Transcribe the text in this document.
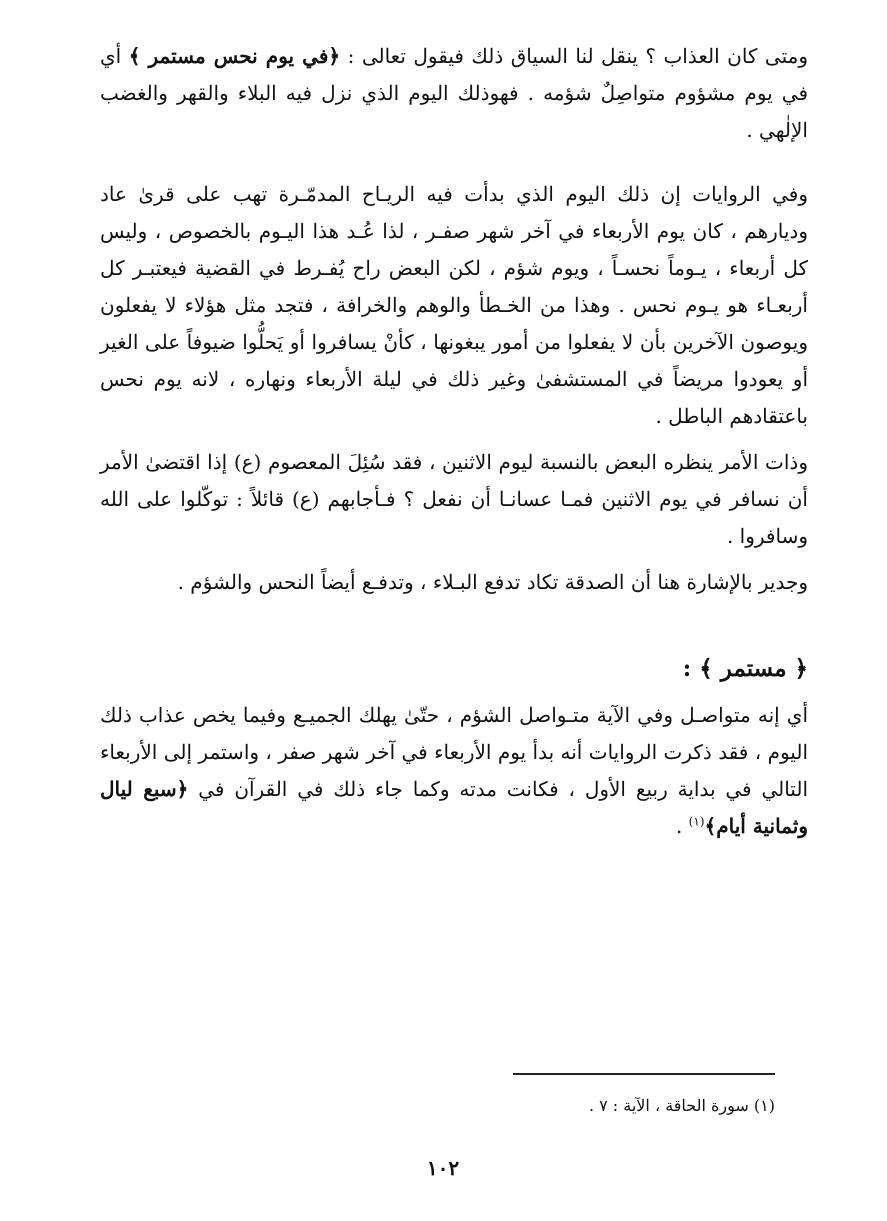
ومتى كان العذاب ؟ ينقل لنا السياق ذلك فيقول تعالى : ﴿في يوم نحس مستمر ﴾ أي في يوم مشؤوم متواصِلٌ شؤمه . فهوذلك اليوم الذي نزل فيه البلاء والقهر والغضب الإلٰهي .

وفي الروايات إن ذلك اليوم الذي بدأت فيه الريـاح المدمّـرة تهب على قرىٰ عاد وديارهم ، كان يوم الأربعاء في آخر شهر صفـر ، لذا عُـد هذا اليـوم بالخصوص ، وليس كل أربعاء ، يـوماً نحسـاً ، ويوم شؤم ، لكن البعض راح يُفـرط في القضية فيعتبـر كل أربعـاء هو يـوم نحس . وهذا من الخـطأ والوهم والخرافة ، فتجد مثل هؤلاء لا يفعلون ويوصون الآخرين بأن لا يفعلوا من أمور يبغونها ، كأنْ يسافروا أو يَحلُّوا ضيوفاً على الغير أو يعودوا مريضاً في المستشفىٰ وغير ذلك في ليلة الأربعاء ونهاره ، لانه يوم نحس باعتقادهم الباطل .

وذات الأمر ينظره البعض بالنسبة ليوم الاثنين ، فقد سُئِلَ المعصوم (ع) إذا اقتضىٰ الأمر أن نسافر في يوم الاثنين فمـا عسانـا أن نفعل ؟ فـأجابهم (ع) قائلاً : توكّلوا على الله وسافروا .

وجدير بالإشارة هنا أن الصدقة تكاد تدفع البـلاء ، وتدفـع أيضاً النحس والشؤم .

﴿ مستمر ﴾ :

أي إنه متواصـل وفي الآية متـواصل الشؤم ، حتّىٰ يهلك الجميـع وفيما يخص عذاب ذلك اليوم ، فقد ذكرت الروايات أنه بدأ يوم الأربعاء في آخر شهر صفر ، واستمر إلى الأربعاء التالي في بداية ربيع الأول ، فكانت مدته وكما جاء ذلك في القرآن في ﴿سبع ليال وثمانية أيام﴾$^{(١)}$ .

(١) سورة الحاقة ، الآية : ٧ .
١٠٢
